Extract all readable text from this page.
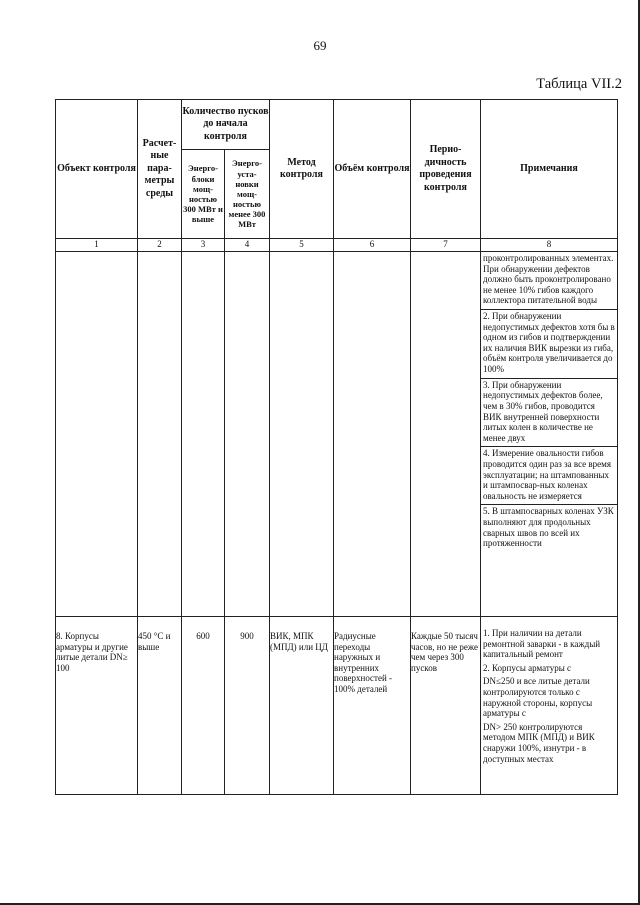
69
Таблица VII.2
Объект контроля	Расчет-ные пара-метры среды	Количество пусков до начала контроля		Метод контроля	Объём контроля	Перио-дичность проведения контроля	Примечания
		Энерго-блоки мощ-ностью 300 МВт и выше	Энерго-уста-новки мощ-ностью менее 300 МВт				
1	2	3	4	5	6	7	8

							проконтролированных элементах. При обнаружении дефектов должно быть проконтролировано не менее 10% гибов каждого коллектора питательной воды
2. При обнаружении недопустимых дефектов хотя бы в одном из гибов и подтверждении их наличия ВИК вырезки из гиба, объём контроля увеличивается до 100%
3. При обнаружении недопустимых дефектов более, чем в 30% гибов, проводится ВИК внутренней поверхности литых колен в количестве не менее двух
4. Измерение овальности гибов проводится один раз за все время эксплуатации; на штампованных и штампосвар-ных коленах овальность не измеряется
5. В штампосварных коленах УЗК выполняют для продольных сварных швов по всей их протяженности

8. Корпусы арматуры и другие литые детали DN≥ 100	450 °С и выше	600	900	ВИК, МПК (МПД) или ЦД	Радиусные переходы наружных и внутренних поверхностей - 100% деталей	Каждые 50 тысяч часов, но не реже чем через 300 пусков	1. При наличии на детали ремонтной заварки - в каждый капитальный ремонт
2. Корпусы арматуры с
DN≤250 и все литые детали контролируются только с наружной стороны, корпусы арматуры с
DN> 250 контролируются методом МПК (МПД) и ВИК снаружи 100%, изнутри - в доступных местах
